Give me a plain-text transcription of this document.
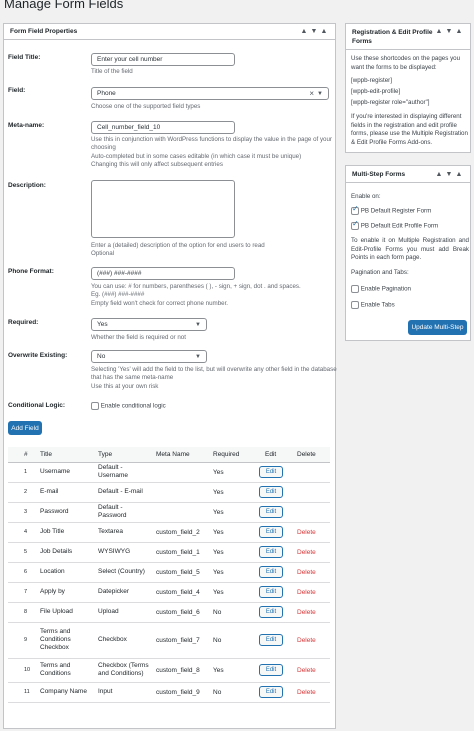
Manage Form Fields
Form Field Properties	▲ ▼ ▲
Field Title:	Enter your cell number
Title of the field
Field:	Phone	× ▼
Choose one of the supported field types
Meta-name:	Cell_number_field_10
Use this in conjunction with WordPress functions to display the value in the page of your
choosing
Auto-completed but in some cases editable (in which case it must be unique)
Changing this will only affect subsequent entries
Description:
Enter a (detailed) description of the option for end users to read
Optional
Phone Format:	(###) ###-####
You can use: # for numbers, parentheses ( ), - sign, + sign, dot . and spaces.
Eg. (###) ###-####
Empty field won't check for correct phone number.
Required:	Yes	▼
Whether the field is required or not
Overwrite Existing:	No	▼
Selecting 'Yes' will add the field to the list, but will overwrite any other field in the database
that has the same meta-name
Use this at your own risk
Conditional Logic:	Enable conditional logic
Add Field
#	Title	Type	Meta Name	Required	Edit	Delete
1	Username	Default - Username		Yes	Edit	

2	E-mail	Default - E-mail		Yes	Edit	

3	Password	Default - Password		Yes	Edit	

4	Job Title	Textarea	custom_field_2	Yes	Edit	Delete
5	Job Details	WYSIWYG	custom_field_1	Yes	Edit	Delete
6	Location	Select (Country)	custom_field_5	Yes	Edit	Delete
7	Apply by	Datepicker	custom_field_4	Yes	Edit	Delete
8	File Upload	Upload	custom_field_6	No	Edit	Delete
9	Terms and Conditions Checkbox	Checkbox	custom_field_7	No	Edit	Delete
10	Terms and Conditions	Checkbox (Terms and Conditions)	custom_field_8	Yes	Edit	Delete
11	Company Name	Input	custom_field_9	No	Edit	Delete
Registration & Edit Profile Forms
▲ ▼ ▲
Use these shortcodes on the pages you want the forms to be displayed:
[wppb-register]
[wppb-edit-profile]
[wppb-register role="author"]
If you're interested in displaying different fields in the registration and edit profile forms, please use the Multiple Registration & Edit Profile Forms Add-ons.
Multi-Step Forms	▲ ▼ ▲
Enable on:
✓ PB Default Register Form
✓ PB Default Edit Profile Form
To enable it on Multiple Registration and Edit-Profile Forms you must add Break Points in each form page.
Pagination and Tabs:
Enable Pagination
Enable Tabs
Update Multi-Step
